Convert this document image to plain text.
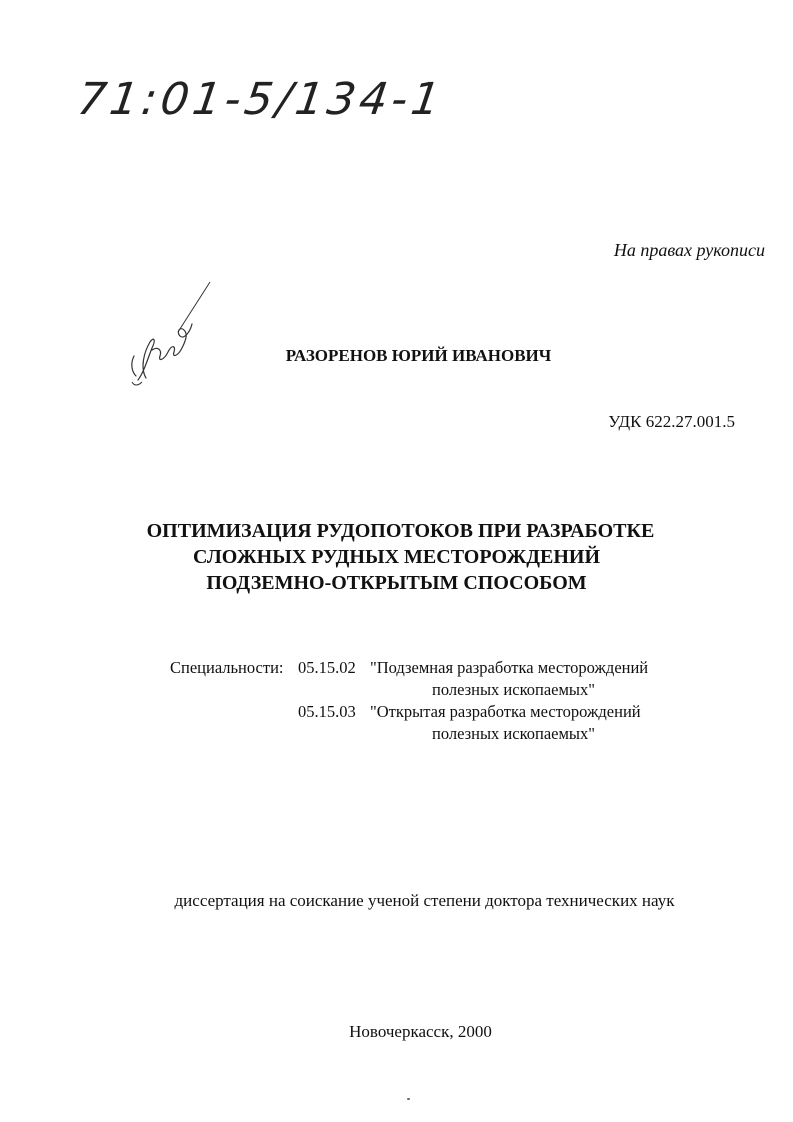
71:01-5/134-1
На правах рукописи
РАЗОРЕНОВ ЮРИЙ ИВАНОВИЧ
УДК 622.27.001.5
ОПТИМИЗАЦИЯ РУДОПОТОКОВ ПРИ РАЗРАБОТКЕ
СЛОЖНЫХ РУДНЫХ МЕСТОРОЖДЕНИЙ
ПОДЗЕМНО-ОТКРЫТЫМ СПОСОБОМ
Специальности: 05.15.02 "Подземная разработка месторождений
полезных ископаемых"
05.15.03 "Открытая разработка месторождений
полезных ископаемых"
диссертация на соискание ученой степени доктора технических наук
Новочеркасск, 2000
